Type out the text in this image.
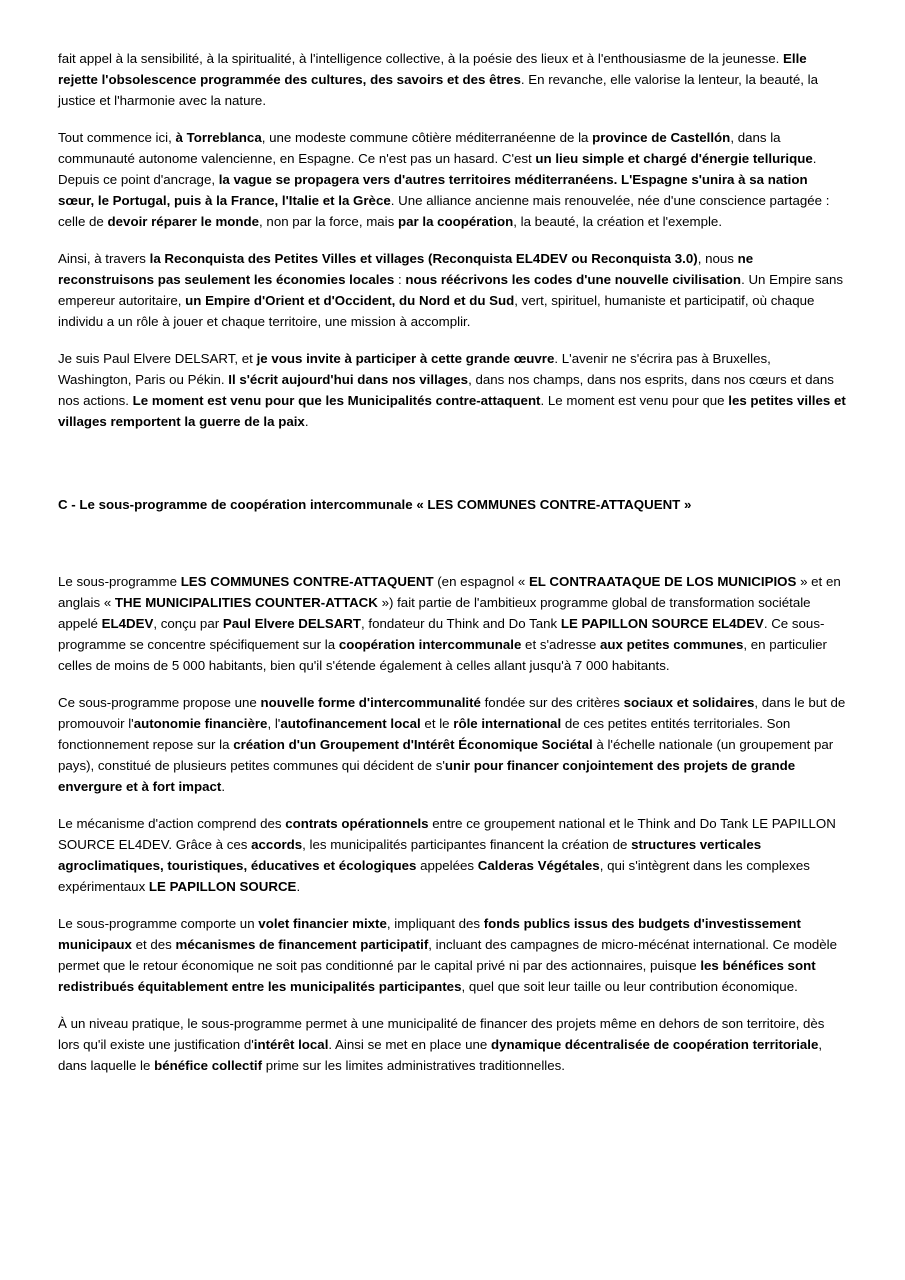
fait appel à la sensibilité, à la spiritualité, à l'intelligence collective, à la poésie des lieux et à l'enthousiasme de la jeunesse. Elle rejette l'obsolescence programmée des cultures, des savoirs et des êtres. En revanche, elle valorise la lenteur, la beauté, la justice et l'harmonie avec la nature.

Tout commence ici, à Torreblanca, une modeste commune côtière méditerranéenne de la province de Castellón, dans la communauté autonome valencienne, en Espagne. Ce n'est pas un hasard. C'est un lieu simple et chargé d'énergie tellurique. Depuis ce point d'ancrage, la vague se propagera vers d'autres territoires méditerranéens. L'Espagne s'unira à sa nation sœur, le Portugal, puis à la France, l'Italie et la Grèce. Une alliance ancienne mais renouvelée, née d'une conscience partagée : celle de devoir réparer le monde, non par la force, mais par la coopération, la beauté, la création et l'exemple.

Ainsi, à travers la Reconquista des Petites Villes et villages (Reconquista EL4DEV ou Reconquista 3.0), nous ne reconstruisons pas seulement les économies locales : nous réécrivons les codes d'une nouvelle civilisation. Un Empire sans empereur autoritaire, un Empire d'Orient et d'Occident, du Nord et du Sud, vert, spirituel, humaniste et participatif, où chaque individu a un rôle à jouer et chaque territoire, une mission à accomplir.

Je suis Paul Elvere DELSART, et je vous invite à participer à cette grande œuvre. L'avenir ne s'écrira pas à Bruxelles, Washington, Paris ou Pékin. Il s'écrit aujourd'hui dans nos villages, dans nos champs, dans nos esprits, dans nos cœurs et dans nos actions. Le moment est venu pour que les Municipalités contre-attaquent. Le moment est venu pour que les petites villes et villages remportent la guerre de la paix.

C - Le sous-programme de coopération intercommunale « LES COMMUNES CONTRE-ATTAQUENT »

Le sous-programme LES COMMUNES CONTRE-ATTAQUENT (en espagnol « EL CONTRAATAQUE DE LOS MUNICIPIOS » et en anglais « THE MUNICIPALITIES COUNTER-ATTACK ») fait partie de l'ambitieux programme global de transformation sociétale appelé EL4DEV, conçu par Paul Elvere DELSART, fondateur du Think and Do Tank LE PAPILLON SOURCE EL4DEV. Ce sous-programme se concentre spécifiquement sur la coopération intercommunale et s'adresse aux petites communes, en particulier celles de moins de 5 000 habitants, bien qu'il s'étende également à celles allant jusqu'à 7 000 habitants.

Ce sous-programme propose une nouvelle forme d'intercommunalité fondée sur des critères sociaux et solidaires, dans le but de promouvoir l'autonomie financière, l'autofinancement local et le rôle international de ces petites entités territoriales. Son fonctionnement repose sur la création d'un Groupement d'Intérêt Économique Sociétal à l'échelle nationale (un groupement par pays), constitué de plusieurs petites communes qui décident de s'unir pour financer conjointement des projets de grande envergure et à fort impact.

Le mécanisme d'action comprend des contrats opérationnels entre ce groupement national et le Think and Do Tank LE PAPILLON SOURCE EL4DEV. Grâce à ces accords, les municipalités participantes financent la création de structures verticales agroclimatiques, touristiques, éducatives et écologiques appelées Calderas Végétales, qui s'intègrent dans les complexes expérimentaux LE PAPILLON SOURCE.

Le sous-programme comporte un volet financier mixte, impliquant des fonds publics issus des budgets d'investissement municipaux et des mécanismes de financement participatif, incluant des campagnes de micro-mécénat international. Ce modèle permet que le retour économique ne soit pas conditionné par le capital privé ni par des actionnaires, puisque les bénéfices sont redistribués équitablement entre les municipalités participantes, quel que soit leur taille ou leur contribution économique.

À un niveau pratique, le sous-programme permet à une municipalité de financer des projets même en dehors de son territoire, dès lors qu'il existe une justification d'intérêt local. Ainsi se met en place une dynamique décentralisée de coopération territoriale, dans laquelle le bénéfice collectif prime sur les limites administratives traditionnelles.
